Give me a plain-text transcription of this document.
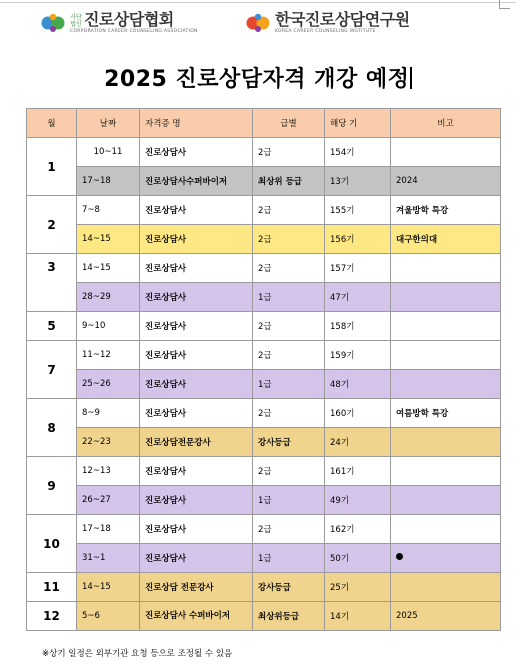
사단법인 진로상담협회
CORPORATION CAREER COUNSELING ASSOCIATION
한국진로상담연구원
KOREA CAREER COUNSELING INSTITUTE
2025 진로상담자격 개강 예정
월	날짜	자격증 명	급별	해당 기	비고
1	10~11	진로상담사	2급	154기	
	17~18	진로상담사수퍼바이저	최상위 등급	13기	2024
2	7~8	진로상담사	2급	155기	겨울방학 특강
	14~15	진로상담사	2급	156기	대구한의대
3	14~15	진로상담사	2급	157기	
	28~29	진로상담사	1급	47기	
5	9~10	진로상담사	2급	158기	
7	11~12	진로상담사	2급	159기	
	25~26	진로상담사	1급	48기	
8	8~9	진로상담사	2급	160기	여름방학 특강
	22~23	진로상담전문강사	강사등급	24기	
9	12~13	진로상담사	2급	161기	
	26~27	진로상담사	1급	49기	
10	17~18	진로상담사	2급	162기	
	31~1	진로상담사	1급	50기	
11	14~15	진로상담 전문강사	강사등급	25기	
12	5~6	진로상담사 수퍼바이저	최상위등급	14기	2025
※상기 일정은 외부기관 요청 등으로 조정될 수 있음
